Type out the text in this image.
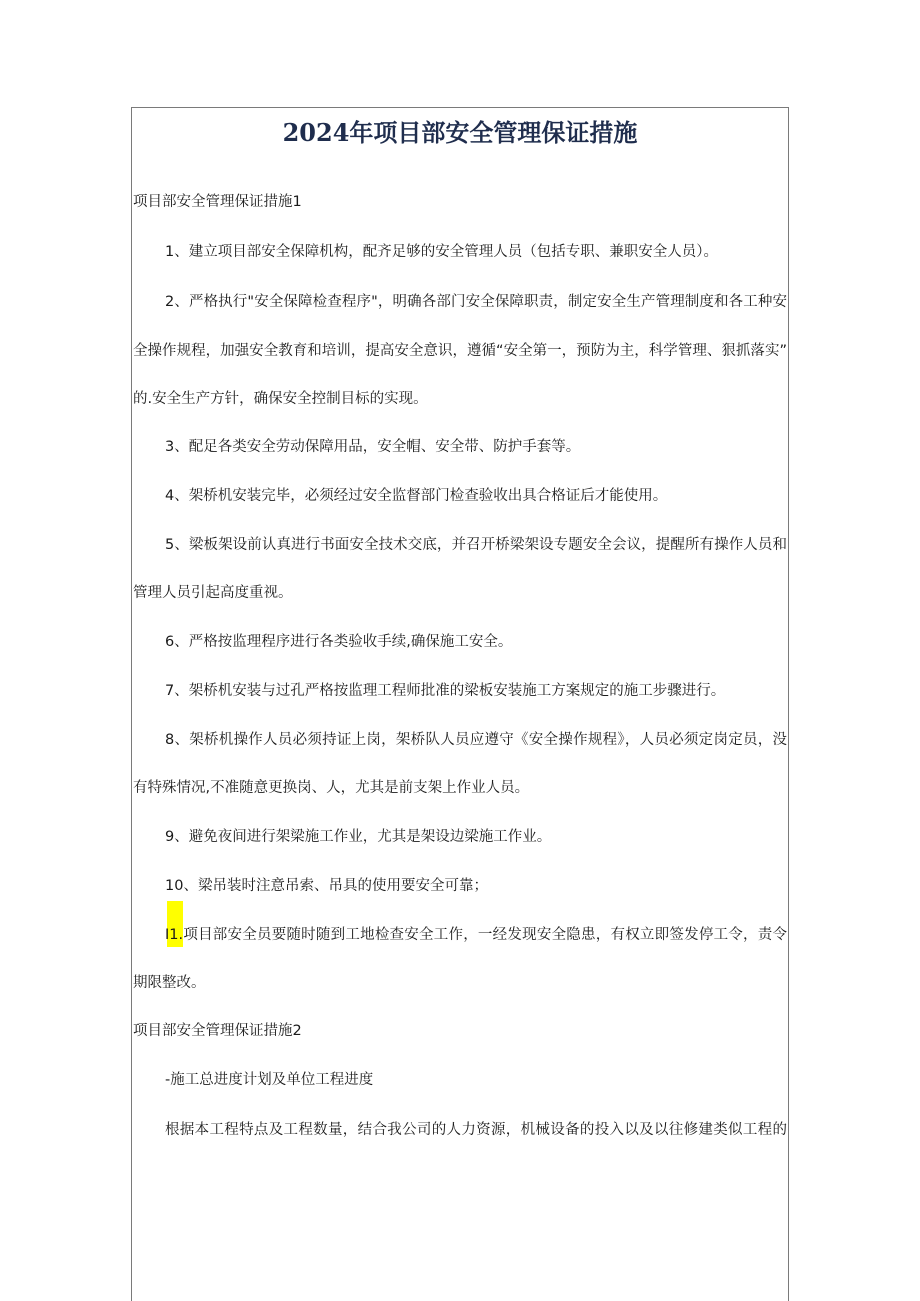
2024年项目部安全管理保证措施
项目部安全管理保证措施1
1、建立项目部安全保障机构，配齐足够的安全管理人员（包括专职、兼职安全人员）。
2、严格执行"安全保障检查程序"，明确各部门安全保障职责，制定安全生产管理制度和各工种安
全操作规程，加强安全教育和培训，提高安全意识，遵循“安全第一，预防为主，科学管理、狠抓落实”
的.安全生产方针，确保安全控制目标的实现。
3、配足各类安全劳动保障用品，安全帽、安全带、防护手套等。
4、架桥机安装完毕，必须经过安全监督部门检查验收出具合格证后才能使用。
5、梁板架设前认真进行书面安全技术交底，并召开桥梁架设专题安全会议，提醒所有操作人员和
管理人员引起高度重视。
6、严格按监理程序进行各类验收手续,确保施工安全。
7、架桥机安装与过孔严格按监理工程师批准的梁板安装施工方案规定的施工步骤进行。
8、架桥机操作人员必须持证上岗，架桥队人员应遵守《安全操作规程》，人员必须定岗定员，没
有特殊情况,不准随意更换岗、人，尤其是前支架上作业人员。
9、避免夜间进行架梁施工作业，尤其是架设边梁施工作业。
10、梁吊装时注意吊索、吊具的使用要安全可靠；
I1.项目部安全员要随时随到工地检查安全工作，一经发现安全隐患，有权立即签发停工令，责令
期限整改。
项目部安全管理保证措施2
-施工总进度计划及单位工程进度
根据本工程特点及工程数量，结合我公司的人力资源，机械设备的投入以及以往修建类似工程的
